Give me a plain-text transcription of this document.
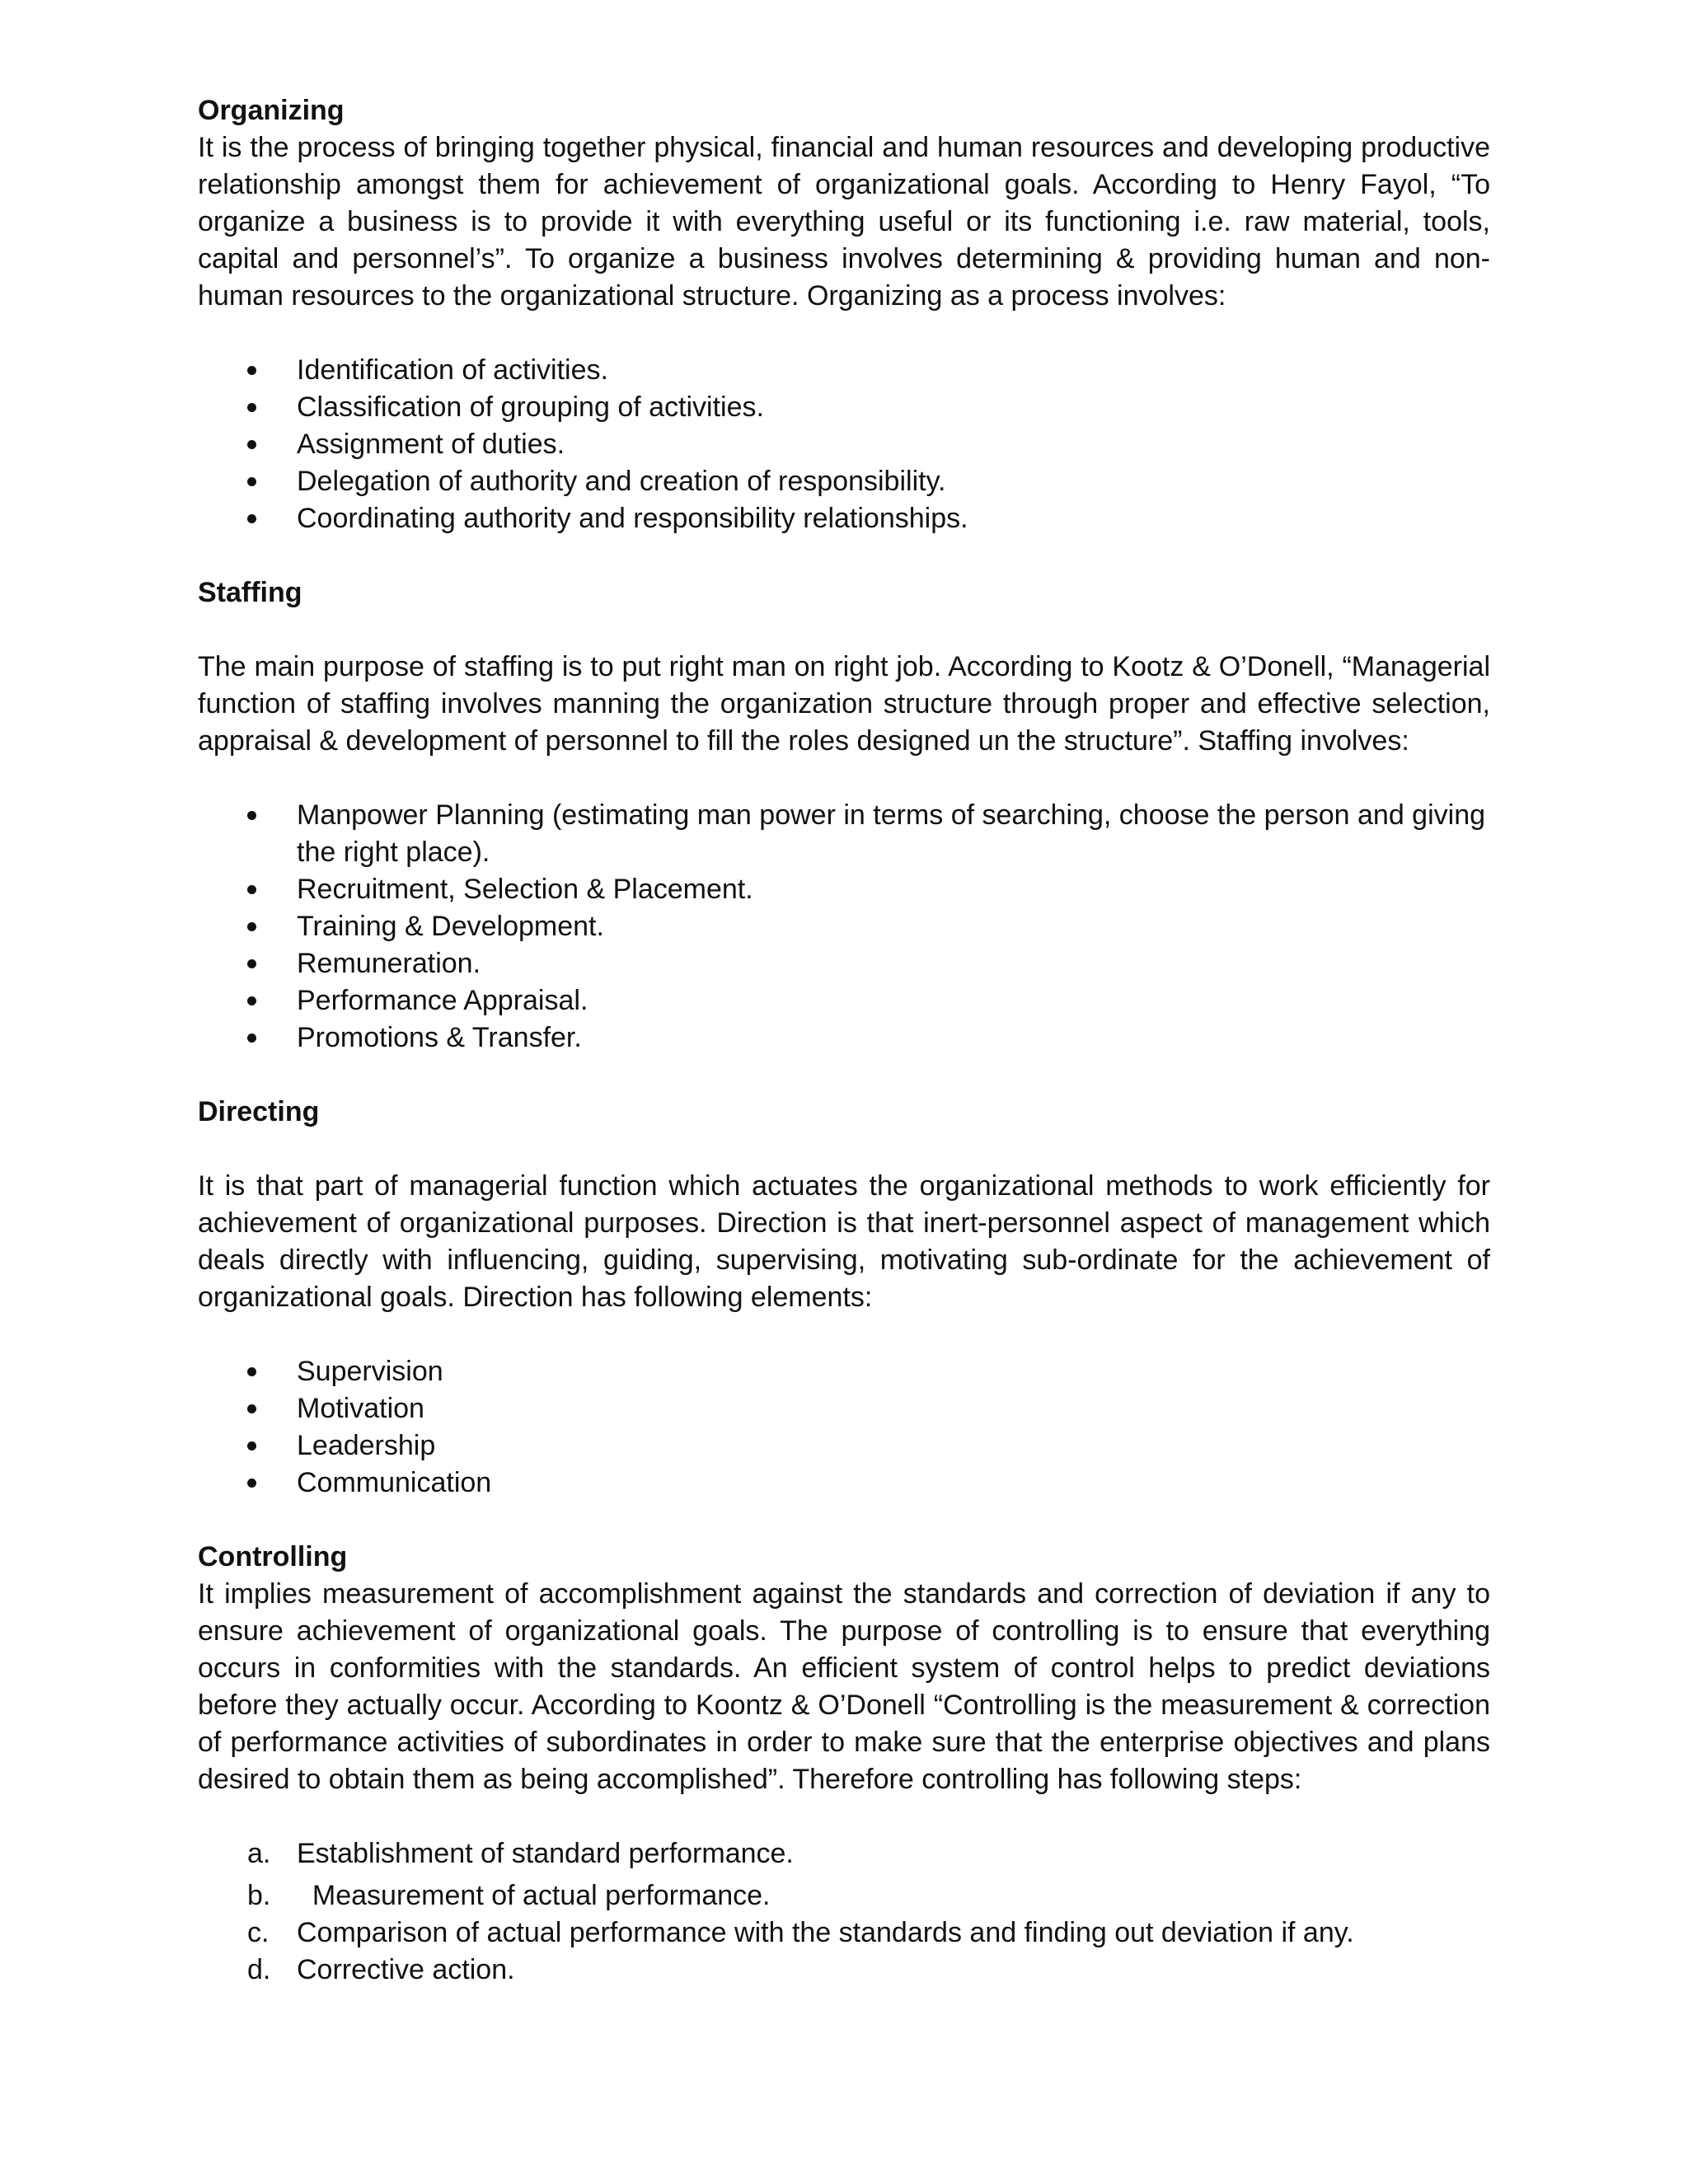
Organizing

It is the process of bringing together physical, financial and human resources and developing productive relationship amongst them for achievement of organizational goals. According to Henry Fayol, “To organize a business is to provide it with everything useful or its functioning i.e. raw material, tools, capital and personnel’s”. To organize a business involves determining & providing human and non- human resources to the organizational structure. Organizing as a process involves:

Identification of activities.
Classification of grouping of activities.
Assignment of duties.
Delegation of authority and creation of responsibility.
Coordinating authority and responsibility relationships.
Staffing

The main purpose of staffing is to put right man on right job. According to Kootz & O’Donell, “Managerial function of staffing involves manning the organization structure through proper and effective selection, appraisal & development of personnel to fill the roles designed un the structure”. Staffing involves:

Manpower Planning (estimating man power in terms of searching, choose the person and giving the right place).
Recruitment, Selection & Placement.
Training & Development.
Remuneration.
Performance Appraisal.
Promotions & Transfer.
Directing

It is that part of managerial function which actuates the organizational methods to work efficiently for achievement of organizational purposes. Direction is that inert-personnel aspect of management which deals directly with influencing, guiding, supervising, motivating sub-ordinate for the achievement of organizational goals. Direction has following elements:

Supervision
Motivation
Leadership
Communication
Controlling

It implies measurement of accomplishment against the standards and correction of deviation if any to ensure achievement of organizational goals. The purpose of controlling is to ensure that everything occurs in conformities with the standards. An efficient system of control helps to predict deviations before they actually occur. According to Koontz & O’Donell “Controlling is the measurement & correction of performance activities of subordinates in order to make sure that the enterprise objectives and plans desired to obtain them as being accomplished”. Therefore controlling has following steps:

a. Establishment of standard performance.
b. Measurement of actual performance.
c. Comparison of actual performance with the standards and finding out deviation if any.
d. Corrective action.
